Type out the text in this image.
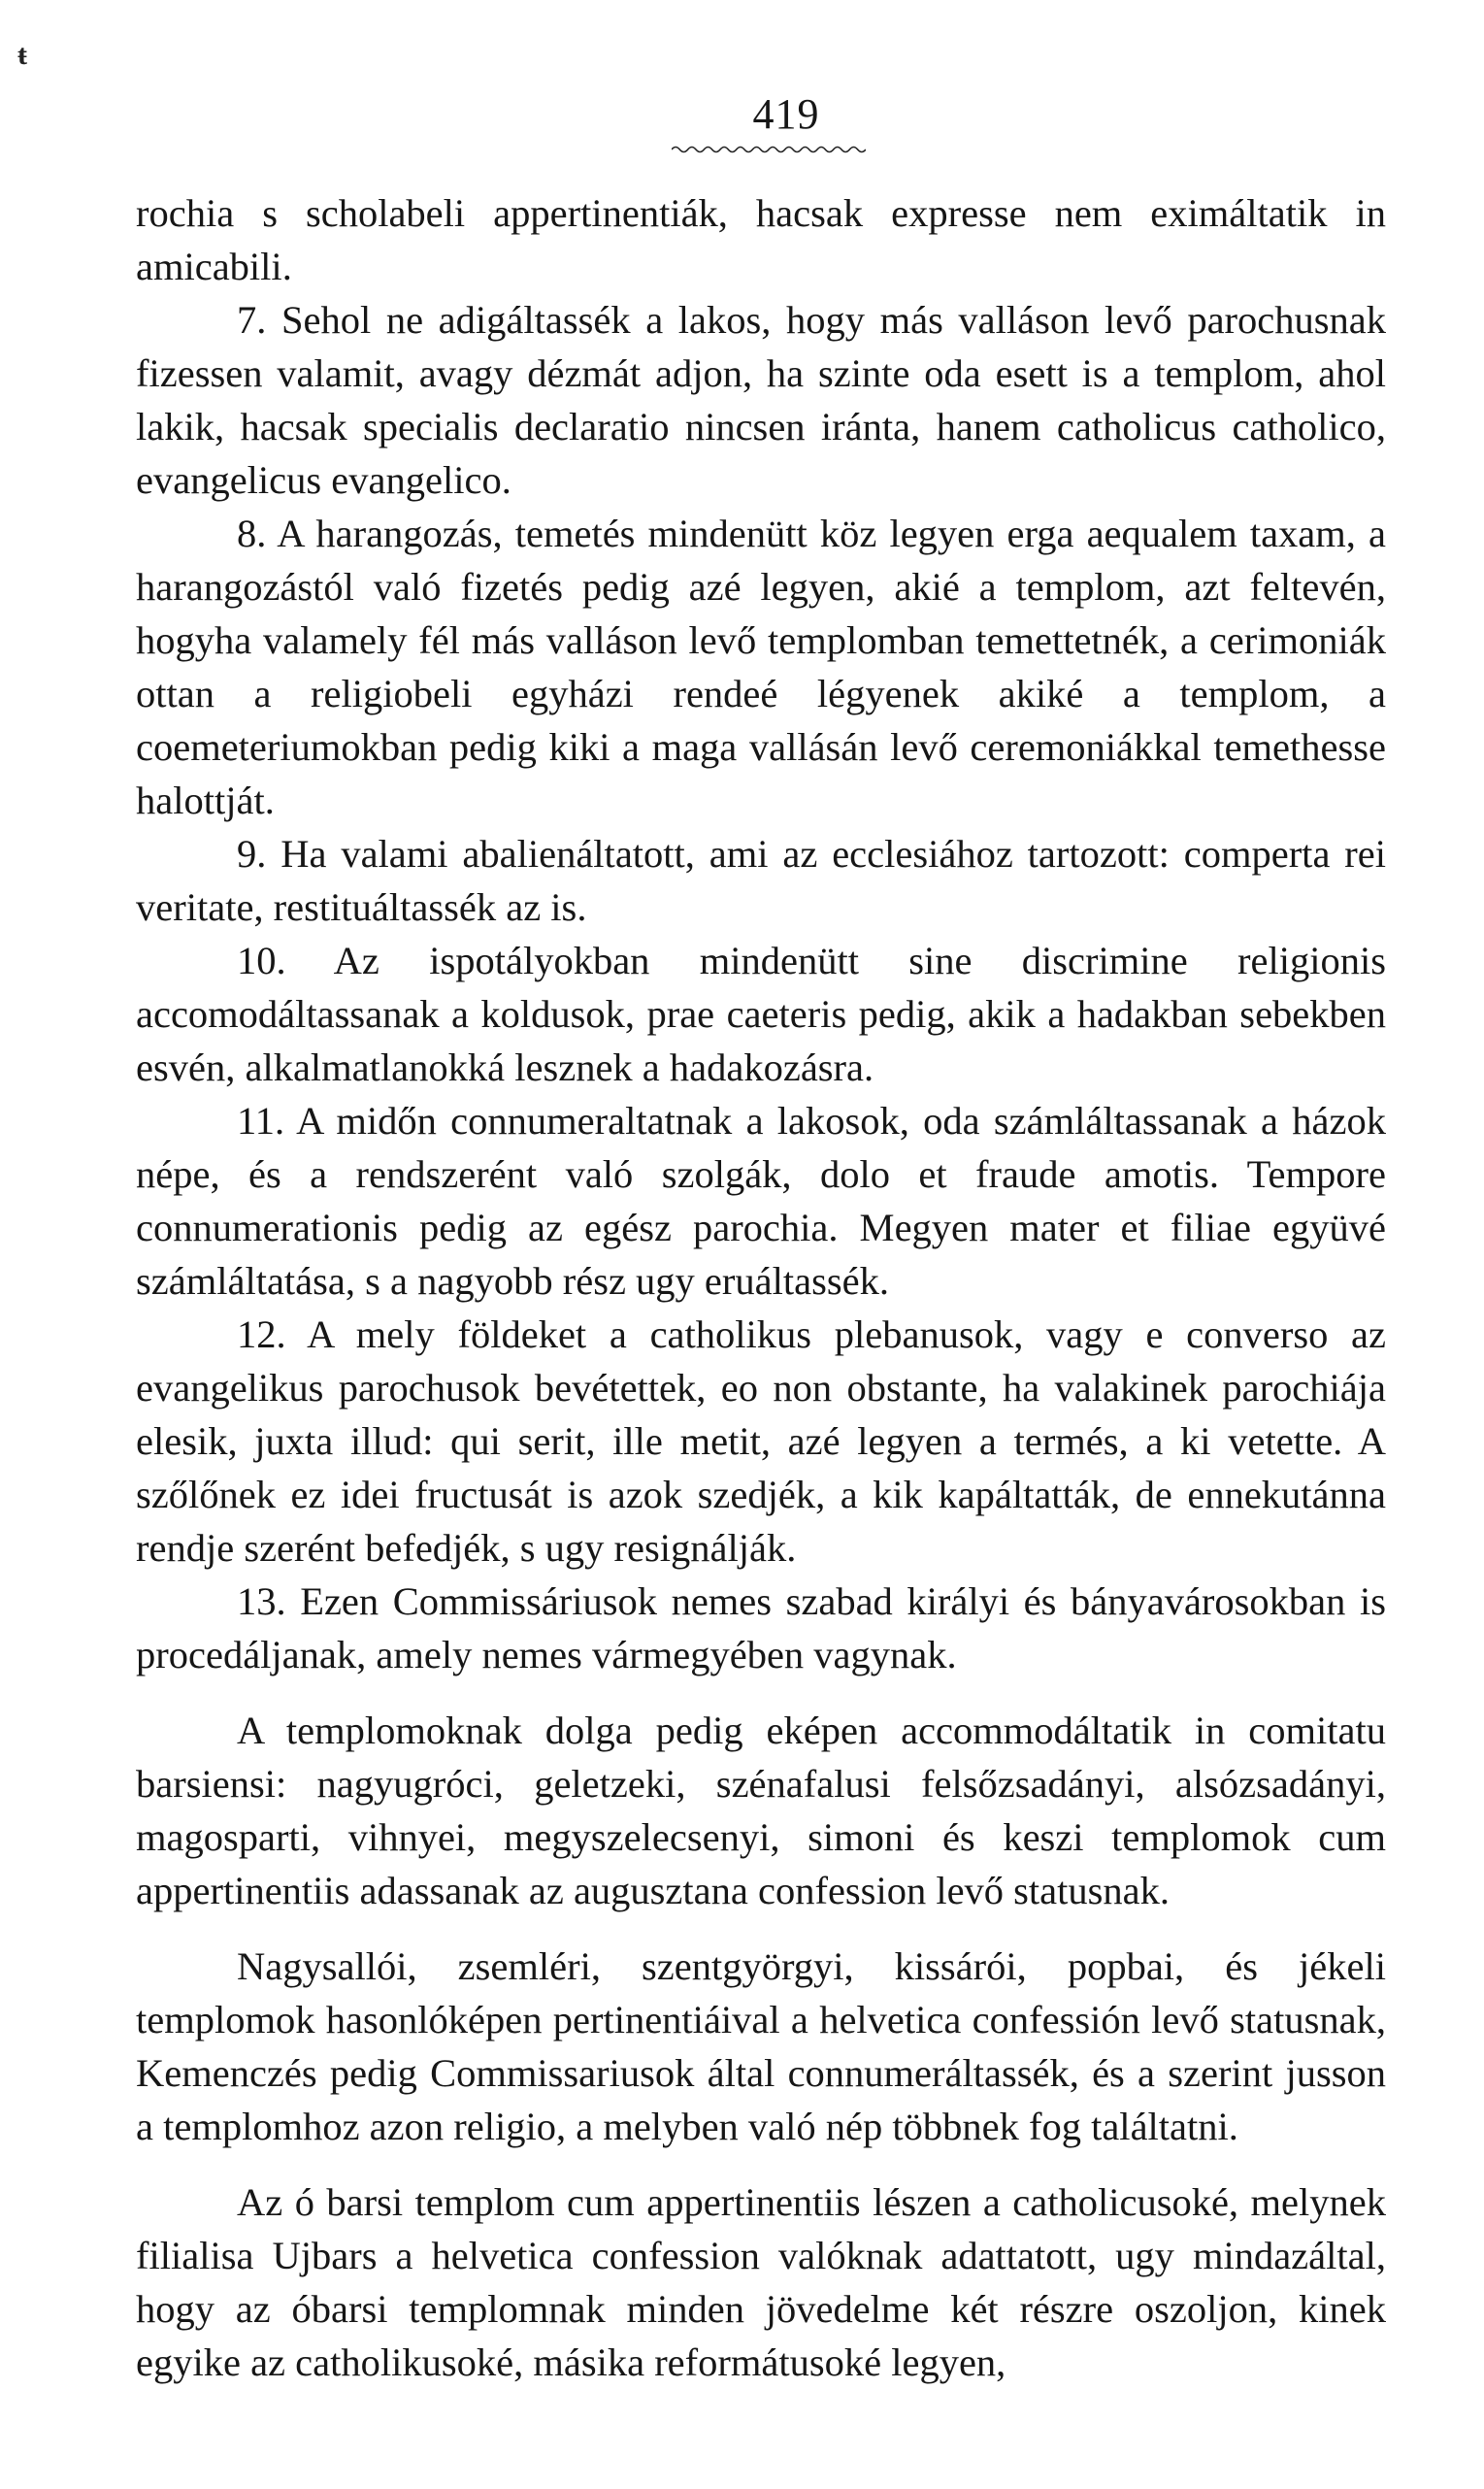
ŧ
419

rochia s scholabeli appertinentiák, hacsak expresse nem eximáltatik in amicabili.

7. Sehol ne adigáltassék a lakos, hogy más valláson levő parochusnak fizessen valamit, avagy dézmát adjon, ha szinte oda esett is a templom, ahol lakik, hacsak specialis declaratio nincsen iránta, hanem catholicus catholico, evangelicus evangelico.

8. A harangozás, temetés mindenütt köz legyen erga aequalem taxam, a harangozástól való fizetés pedig azé legyen, akié a templom, azt feltevén, hogyha valamely fél más valláson levő templomban temettetnék, a cerimoniák ottan a religiobeli egyházi rendeé légyenek akiké a templom, a coemeteriumokban pedig kiki a maga vallásán levő ceremoniákkal temethesse halottját.

9. Ha valami abalienáltatott, ami az ecclesiához tartozott: comperta rei veritate, restituáltassék az is.

10. Az ispotályokban mindenütt sine discrimine religionis accomodáltassanak a koldusok, prae caeteris pedig, akik a hadakban sebekben esvén, alkalmatlanokká lesznek a hadakozásra.

11. A midőn connumeraltatnak a lakosok, oda számláltassanak a házok népe, és a rendszerént való szolgák, dolo et fraude amotis. Tempore connumerationis pedig az egész parochia. Megyen mater et filiae együvé számláltatása, s a nagyobb rész ugy eruáltassék.

12. A mely földeket a catholikus plebanusok, vagy e converso az evangelikus parochusok bevétettek, eo non obstante, ha valakinek parochiája elesik, juxta illud: qui serit, ille metit, azé legyen a termés, a ki vetette. A szőlőnek ez idei fructusát is azok szedjék, a kik kapáltatták, de ennekutánna rendje szerént befedjék, s ugy resignálják.

13. Ezen Commissáriusok nemes szabad királyi és bányavárosokban is procedáljanak, amely nemes vármegyében vagynak.

A templomoknak dolga pedig eképen accommodáltatik in comitatu barsiensi: nagyugróci, geletzeki, szénafalusi felsőzsadányi, alsózsadányi, magosparti, vihnyei, megyszelecsenyi, simoni és keszi templomok cum appertinentiis adassanak az augusztana confession levő statusnak.

Nagysallói, zsemléri, szentgyörgyi, kissárói, popbai, és jékeli templomok hasonlóképen pertinentiáival a helvetica confessión levő statusnak, Kemenczés pedig Commissariusok által connumeráltassék, és a szerint jusson a templomhoz azon religio, a melyben való nép többnek fog találtatni.

Az ó barsi templom cum appertinentiis lészen a catholicusoké, melynek filialisa Ujbars a helvetica confession valóknak adattatott, ugy mindazáltal, hogy az óbarsi templomnak minden jövedelme két részre oszoljon, kinek egyike az catholikusoké, másika reformátusoké legyen,
